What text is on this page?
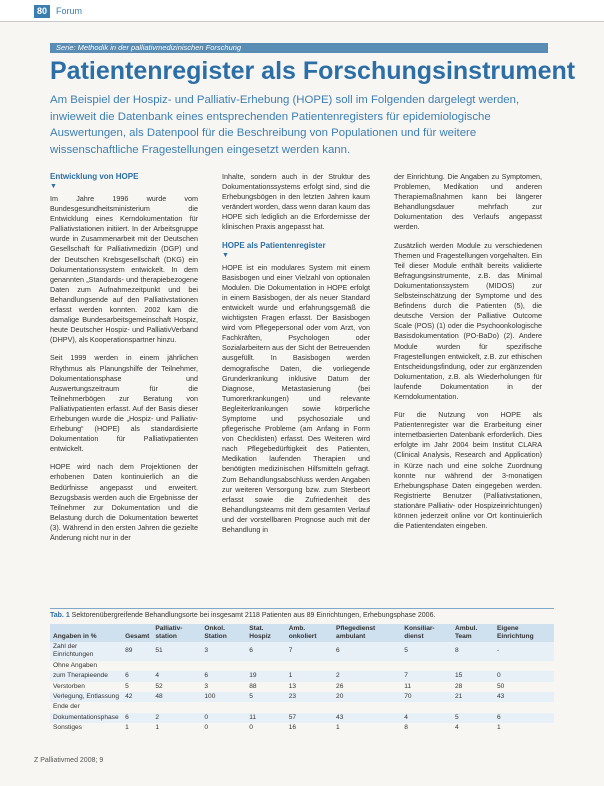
80	Forum
Serie: Methodik in der palliativmedizinischen Forschung
Patientenregister als Forschungsinstrument
Am Beispiel der Hospiz- und Palliativ-Erhebung (HOPE) soll im Folgenden dargelegt werden, inwieweit die Datenbank eines entsprechenden Patientenregisters für epidemiologische Auswertungen, als Datenpool für die Beschreibung von Populationen und für weitere wissenschaftliche Fragestellungen eingesetzt werden kann.
Entwicklung von HOPE
▼

Im Jahre 1996 wurde vom Bundesgesundheitsministerium die Entwicklung eines Kerndokumentation für Palliativstationen initiiert. In der Arbeitsgruppe wurde in Zusammenarbeit mit der Deutschen Gesellschaft für Palliativmedizin (DGP) und der Deutschen Krebsgesellschaft (DKG) ein Dokumentationssystem entwickelt. In dem genannten „Standards- und therapiebezogene Daten zum Aufnahmezeitpunkt und bei Behandlungsende auf den Palliativstationen erfasst werden konnten. 2002 kam die damalige Bundesarbeitsgemeinschaft Hospiz, heute Deutscher Hospiz- und PalliativVerband (DHPV), als Kooperationspartner hinzu.

Seit 1999 werden in einem jährlichen Rhythmus als Planungshilfe der Teilnehmer, Dokumentationsphase und Auswertungszeitraum für die Teilnehmerbögen zur Beratung von Palliativpatienten erfasst. Auf der Basis dieser Erhebungen wurde die „Hospiz- und Palliativ-Erhebung“ (HOPE) als standardisierte Dokumentation für Palliativpatienten entwickelt.

HOPE wird nach dem Projektionen der erhobenen Daten kontinuierlich an die Bedürfnisse angepasst und erweitert. Bezugsbasis werden auch die Ergebnisse der Teilnehmer zur Dokumentation und die Belastung durch die Dokumentation bewertet (3). Während in den ersten Jahren die gezielte Änderung nicht nur in der

Inhalte, sondern auch in der Struktur des Dokumentationssystems erfolgt sind, sind die Erhebungsbögen in den letzten Jahren kaum verändert worden, dass wenn daran kaum das HOPE sich lediglich an die Erfordernisse der klinischen Praxis angepasst hat.

HOPE als Patientenregister
▼

HOPE ist ein modulares System mit einem Basisbogen und einer Vielzahl von optionalen Modulen. Die Dokumentation in HOPE erfolgt in einem Basisbogen, der als neuer Standard entwickelt wurde und erfahrungsgemäß die wichtigsten Fragen erfasst. Der Basisbogen wird vom Pflegepersonal oder vom Arzt, von Fachkräften, Psychologen oder Sozialarbeitern aus der Sicht der Betreuenden ausgefüllt. In Basisbogen werden demografische Daten, die vorliegende Grunderkrankung inklusive Datum der Diagnose, Metastasierung (bei Tumorerkrankungen) und relevante Begleiterkrankungen sowie körperliche Symptome und psychosoziale und pflegerische Probleme (am Anfang in Form von Checklisten) erfasst. Des Weiteren wird nach Pflegebedürftigkeit des Patienten, Medikation laufenden Therapien und benötigten medizinischen Hilfsmitteln gefragt. Zum Behandlungsabschluss werden Angaben zur weiteren Versorgung bzw. zum Sterbeort erfasst sowie die Zufriedenheit des Behandlungsteams mit dem gesamten Verlauf und der vorstellbaren Prognose auch mit der Behandlung in

der Einrichtung. Die Angaben zu Symptomen, Problemen, Medikation und anderen Therapiemaßnahmen kann bei längerer Behandlungsdauer mehrfach zur Dokumentation des Verlaufs angepasst werden.

Zusätzlich werden Module zu verschiedenen Themen und Fragestellungen vorgehalten. Ein Teil dieser Module enthält bereits validierte Befragungsinstrumente, z.B. das Minimal Dokumentationssystem (MIDOS) zur Selbsteinschätzung der Symptome und des Befindens durch die Patienten (5), die deutsche Version der Palliative Outcome Scale (POS) (1) oder die Psychoonkologische Basisdokumentation (PO-BaDo) (2). Andere Module wurden für spezifische Fragestellungen entwickelt, z.B. zur ethischen Entscheidungsfindung, oder zur ergänzenden Dokumentation, z.B. als Wiederholungen für laufende Dokumentation in der Kerndokumentation.

Für die Nutzung von HOPE als Patientenregister war die Erarbeitung einer internetbasierten Datenbank erforderlich. Dies erfolgte im Jahr 2004 beim Institut CLARA (Clinical Analysis, Research and Application) in Kürze nach und eine solche Zuordnung konnte nur während der 3-monatigen Erhebungsphase Daten eingegeben werden. Registrierte Benutzer (Palliativstationen, stationäre Palliativ- oder Hospizeinrichtungen) können jederzeit online vor Ort kontinuierlich die Patientendaten eingeben.

Tab. 1 Sektorenübergreifende Behandlungsorte bei insgesamt 2118 Patienten aus 89 Einrichtungen, Erhebungsphase 2006.
Angaben in %	Gesamt	Palliativ-station	Onkol. Station	Stat. Hospiz	Amb. onkoliert	Pflegedienst ambulant	Konsiliar-dienst	Ambul. Team	Eigene Einrichtung
Zahl der Einrichtungen	89	51	3	6	7	6	5	8	-
Ohne Angaben									
zum Therapieende	6	4	6	19	1	2	7	15	0
Verstorben	5	52	3	88	13	26	11	28	50
Verlegung, Entlassung	42	48	100	5	23	20	70	21	43
Ende der									
Dokumentationsphase	6	2	0	11	57	43	4	5	6
Sonstiges	1	1	0	0	16	1	8	4	1
Z Palliativmed 2008; 9
